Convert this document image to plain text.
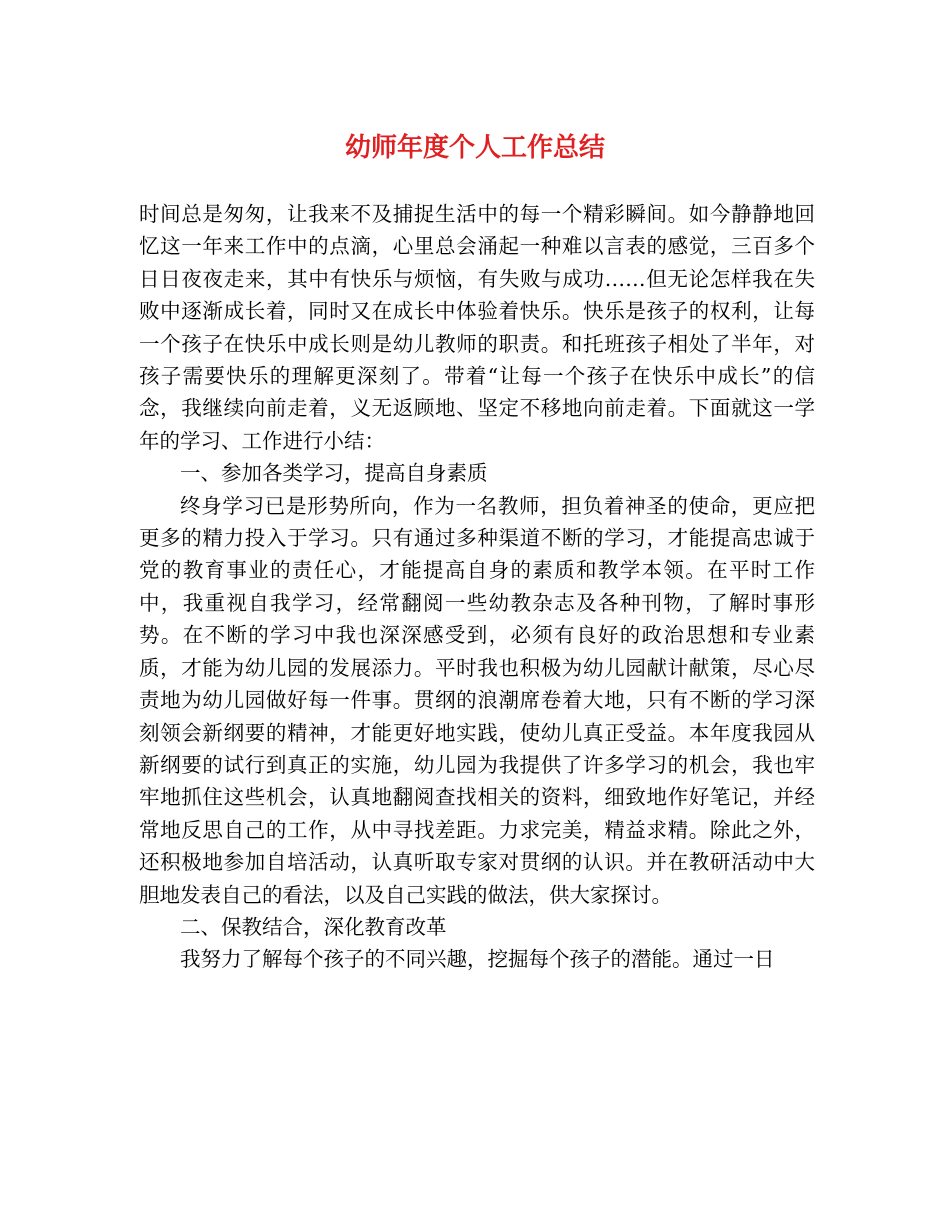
幼师年度个人工作总结

时间总是匆匆，让我来不及捕捉生活中的每一个精彩瞬间。如今静静地回忆这一年来工作中的点滴，心里总会涌起一种难以言表的感觉，三百多个日日夜夜走来，其中有快乐与烦恼，有失败与成功……但无论怎样我在失败中逐渐成长着，同时又在成长中体验着快乐。快乐是孩子的权利，让每一个孩子在快乐中成长则是幼儿教师的职责。和托班孩子相处了半年，对孩子需要快乐的理解更深刻了。带着“让每一个孩子在快乐中成长”的信念，我继续向前走着，义无返顾地、坚定不移地向前走着。下面就这一学年的学习、工作进行小结：

一、参加各类学习，提高自身素质

终身学习已是形势所向，作为一名教师，担负着神圣的使命，更应把更多的精力投入于学习。只有通过多种渠道不断的学习，才能提高忠诚于党的教育事业的责任心，才能提高自身的素质和教学本领。在平时工作中，我重视自我学习，经常翻阅一些幼教杂志及各种刊物，了解时事形势。在不断的学习中我也深深感受到，必须有良好的政治思想和专业素质，才能为幼儿园的发展添力。平时我也积极为幼儿园献计献策，尽心尽责地为幼儿园做好每一件事。贯纲的浪潮席卷着大地，只有不断的学习深刻领会新纲要的精神，才能更好地实践，使幼儿真正受益。本年度我园从新纲要的试行到真正的实施，幼儿园为我提供了许多学习的机会，我也牢牢地抓住这些机会，认真地翻阅查找相关的资料，细致地作好笔记，并经常地反思自己的工作，从中寻找差距。力求完美，精益求精。除此之外，还积极地参加自培活动，认真听取专家对贯纲的认识。并在教研活动中大胆地发表自己的看法，以及自己实践的做法，供大家探讨。

二、保教结合，深化教育改革

我努力了解每个孩子的不同兴趣，挖掘每个孩子的潜能。通过一日
